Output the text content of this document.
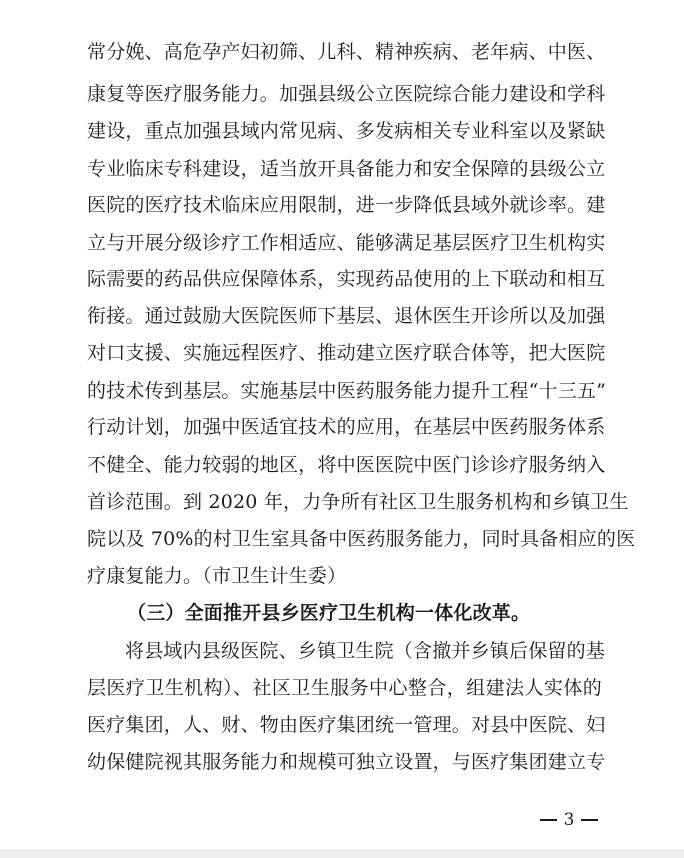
常分娩、高危孕产妇初筛、儿科、精神疾病、老年病、中医、
康复等医疗服务能力。加强县级公立医院综合能力建设和学科
建设，重点加强县域内常见病、多发病相关专业科室以及紧缺
专业临床专科建设，适当放开具备能力和安全保障的县级公立
医院的医疗技术临床应用限制，进一步降低县域外就诊率。建
立与开展分级诊疗工作相适应、能够满足基层医疗卫生机构实
际需要的药品供应保障体系，实现药品使用的上下联动和相互
衔接。通过鼓励大医院医师下基层、退休医生开诊所以及加强
对口支援、实施远程医疗、推动建立医疗联合体等，把大医院
的技术传到基层。实施基层中医药服务能力提升工程“十三五”
行动计划，加强中医适宜技术的应用，在基层中医药服务体系
不健全、能力较弱的地区，将中医医院中医门诊诊疗服务纳入
首诊范围。到 2020 年，力争所有社区卫生服务机构和乡镇卫生
院以及 70%的村卫生室具备中医药服务能力，同时具备相应的医
疗康复能力。（市卫生计生委）
（三）全面推开县乡医疗卫生机构一体化改革。
将县域内县级医院、乡镇卫生院（含撤并乡镇后保留的基
层医疗卫生机构）、社区卫生服务中心整合，组建法人实体的
医疗集团，人、财、物由医疗集团统一管理。对县中医院、妇
幼保健院视其服务能力和规模可独立设置，与医疗集团建立专
3
